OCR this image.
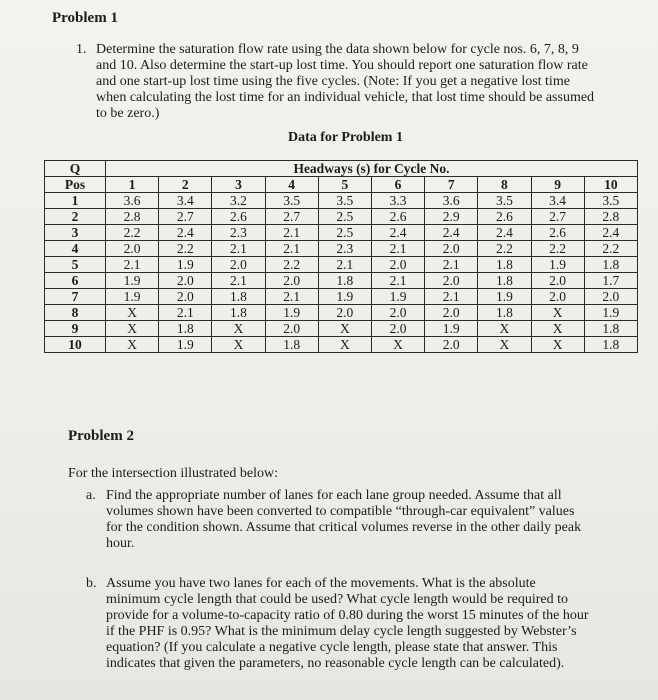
Problem 1
1. Determine the saturation flow rate using the data shown below for cycle nos. 6, 7, 8, 9
and 10. Also determine the start-up lost time. You should report one saturation flow rate
and one start-up lost time using the five cycles. (Note: If you get a negative lost time
when calculating the lost time for an individual vehicle, that lost time should be assumed
to be zero.)
Data for Problem 1
Q	Headways (s) for Cycle No.									
Pos	1	2	3	4	5	6	7	8	9	10
1	3.6	3.4	3.2	3.5	3.5	3.3	3.6	3.5	3.4	3.5
2	2.8	2.7	2.6	2.7	2.5	2.6	2.9	2.6	2.7	2.8
3	2.2	2.4	2.3	2.1	2.5	2.4	2.4	2.4	2.6	2.4
4	2.0	2.2	2.1	2.1	2.3	2.1	2.0	2.2	2.2	2.2
5	2.1	1.9	2.0	2.2	2.1	2.0	2.1	1.8	1.9	1.8
6	1.9	2.0	2.1	2.0	1.8	2.1	2.0	1.8	2.0	1.7
7	1.9	2.0	1.8	2.1	1.9	1.9	2.1	1.9	2.0	2.0
8	X	2.1	1.8	1.9	2.0	2.0	2.0	1.8	X	1.9
9	X	1.8	X	2.0	X	2.0	1.9	X	X	1.8
10	X	1.9	X	1.8	X	X	2.0	X	X	1.8
Problem 2
For the intersection illustrated below:
a. Find the appropriate number of lanes for each lane group needed. Assume that all
volumes shown have been converted to compatible “through-car equivalent” values
for the condition shown. Assume that critical volumes reverse in the other daily peak
hour.
b. Assume you have two lanes for each of the movements. What is the absolute
minimum cycle length that could be used? What cycle length would be required to
provide for a volume-to-capacity ratio of 0.80 during the worst 15 minutes of the hour
if the PHF is 0.95? What is the minimum delay cycle length suggested by Webster’s
equation? (If you calculate a negative cycle length, please state that answer. This
indicates that given the parameters, no reasonable cycle length can be calculated).
